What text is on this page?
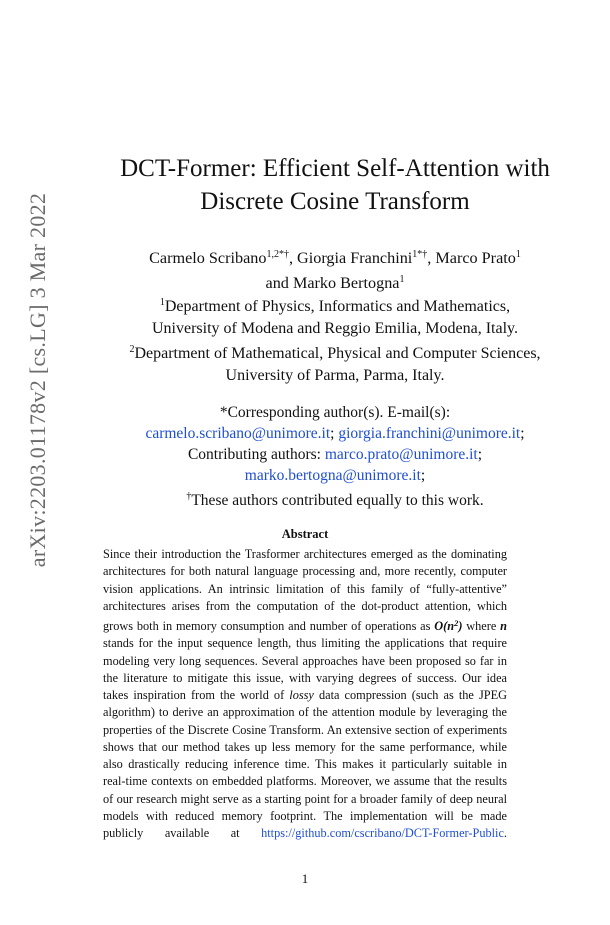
arXiv:2203.01178v2 [cs.LG] 3 Mar 2022
DCT-Former: Efficient Self-Attention with
Discrete Cosine Transform
Carmelo Scribano$^{1,2*\dagger}$, Giorgia Franchini$^{1*\dagger}$, Marco Prato$^1$
and Marko Bertogna$^1$
$^1$Department of Physics, Informatics and Mathematics,
University of Modena and Reggio Emilia, Modena, Italy.
$^2$Department of Mathematical, Physical and Computer Sciences,
University of Parma, Parma, Italy.
*Corresponding author(s). E-mail(s):
carmelo.scribano@unimore.it; giorgia.franchini@unimore.it;
Contributing authors: marco.prato@unimore.it;
marko.bertogna@unimore.it;
†These authors contributed equally to this work.
Abstract

Since their introduction the Trasformer architectures emerged as the dominating architectures for both natural language processing and, more recently, computer vision applications. An intrinsic limitation of this family of “fully-attentive” architectures arises from the computation of the dot-product attention, which grows both in memory consumption and number of operations as $O(n^2)$ where n stands for the input sequence length, thus limiting the applications that require modeling very long sequences. Several approaches have been proposed so far in the literature to mitigate this issue, with varying degrees of success. Our idea takes inspiration from the world of lossy data compression (such as the JPEG algorithm) to derive an approximation of the attention module by leveraging the properties of the Discrete Cosine Transform. An extensive section of experiments shows that our method takes up less memory for the same performance, while also drastically reducing inference time. This makes it particularly suitable in real-time contexts on embedded platforms. Moreover, we assume that the results of our research might serve as a starting point for a broader family of deep neural models with reduced memory footprint. The implementation will be made publicly available at https://github.com/cscribano/DCT-Former-Public.

1
